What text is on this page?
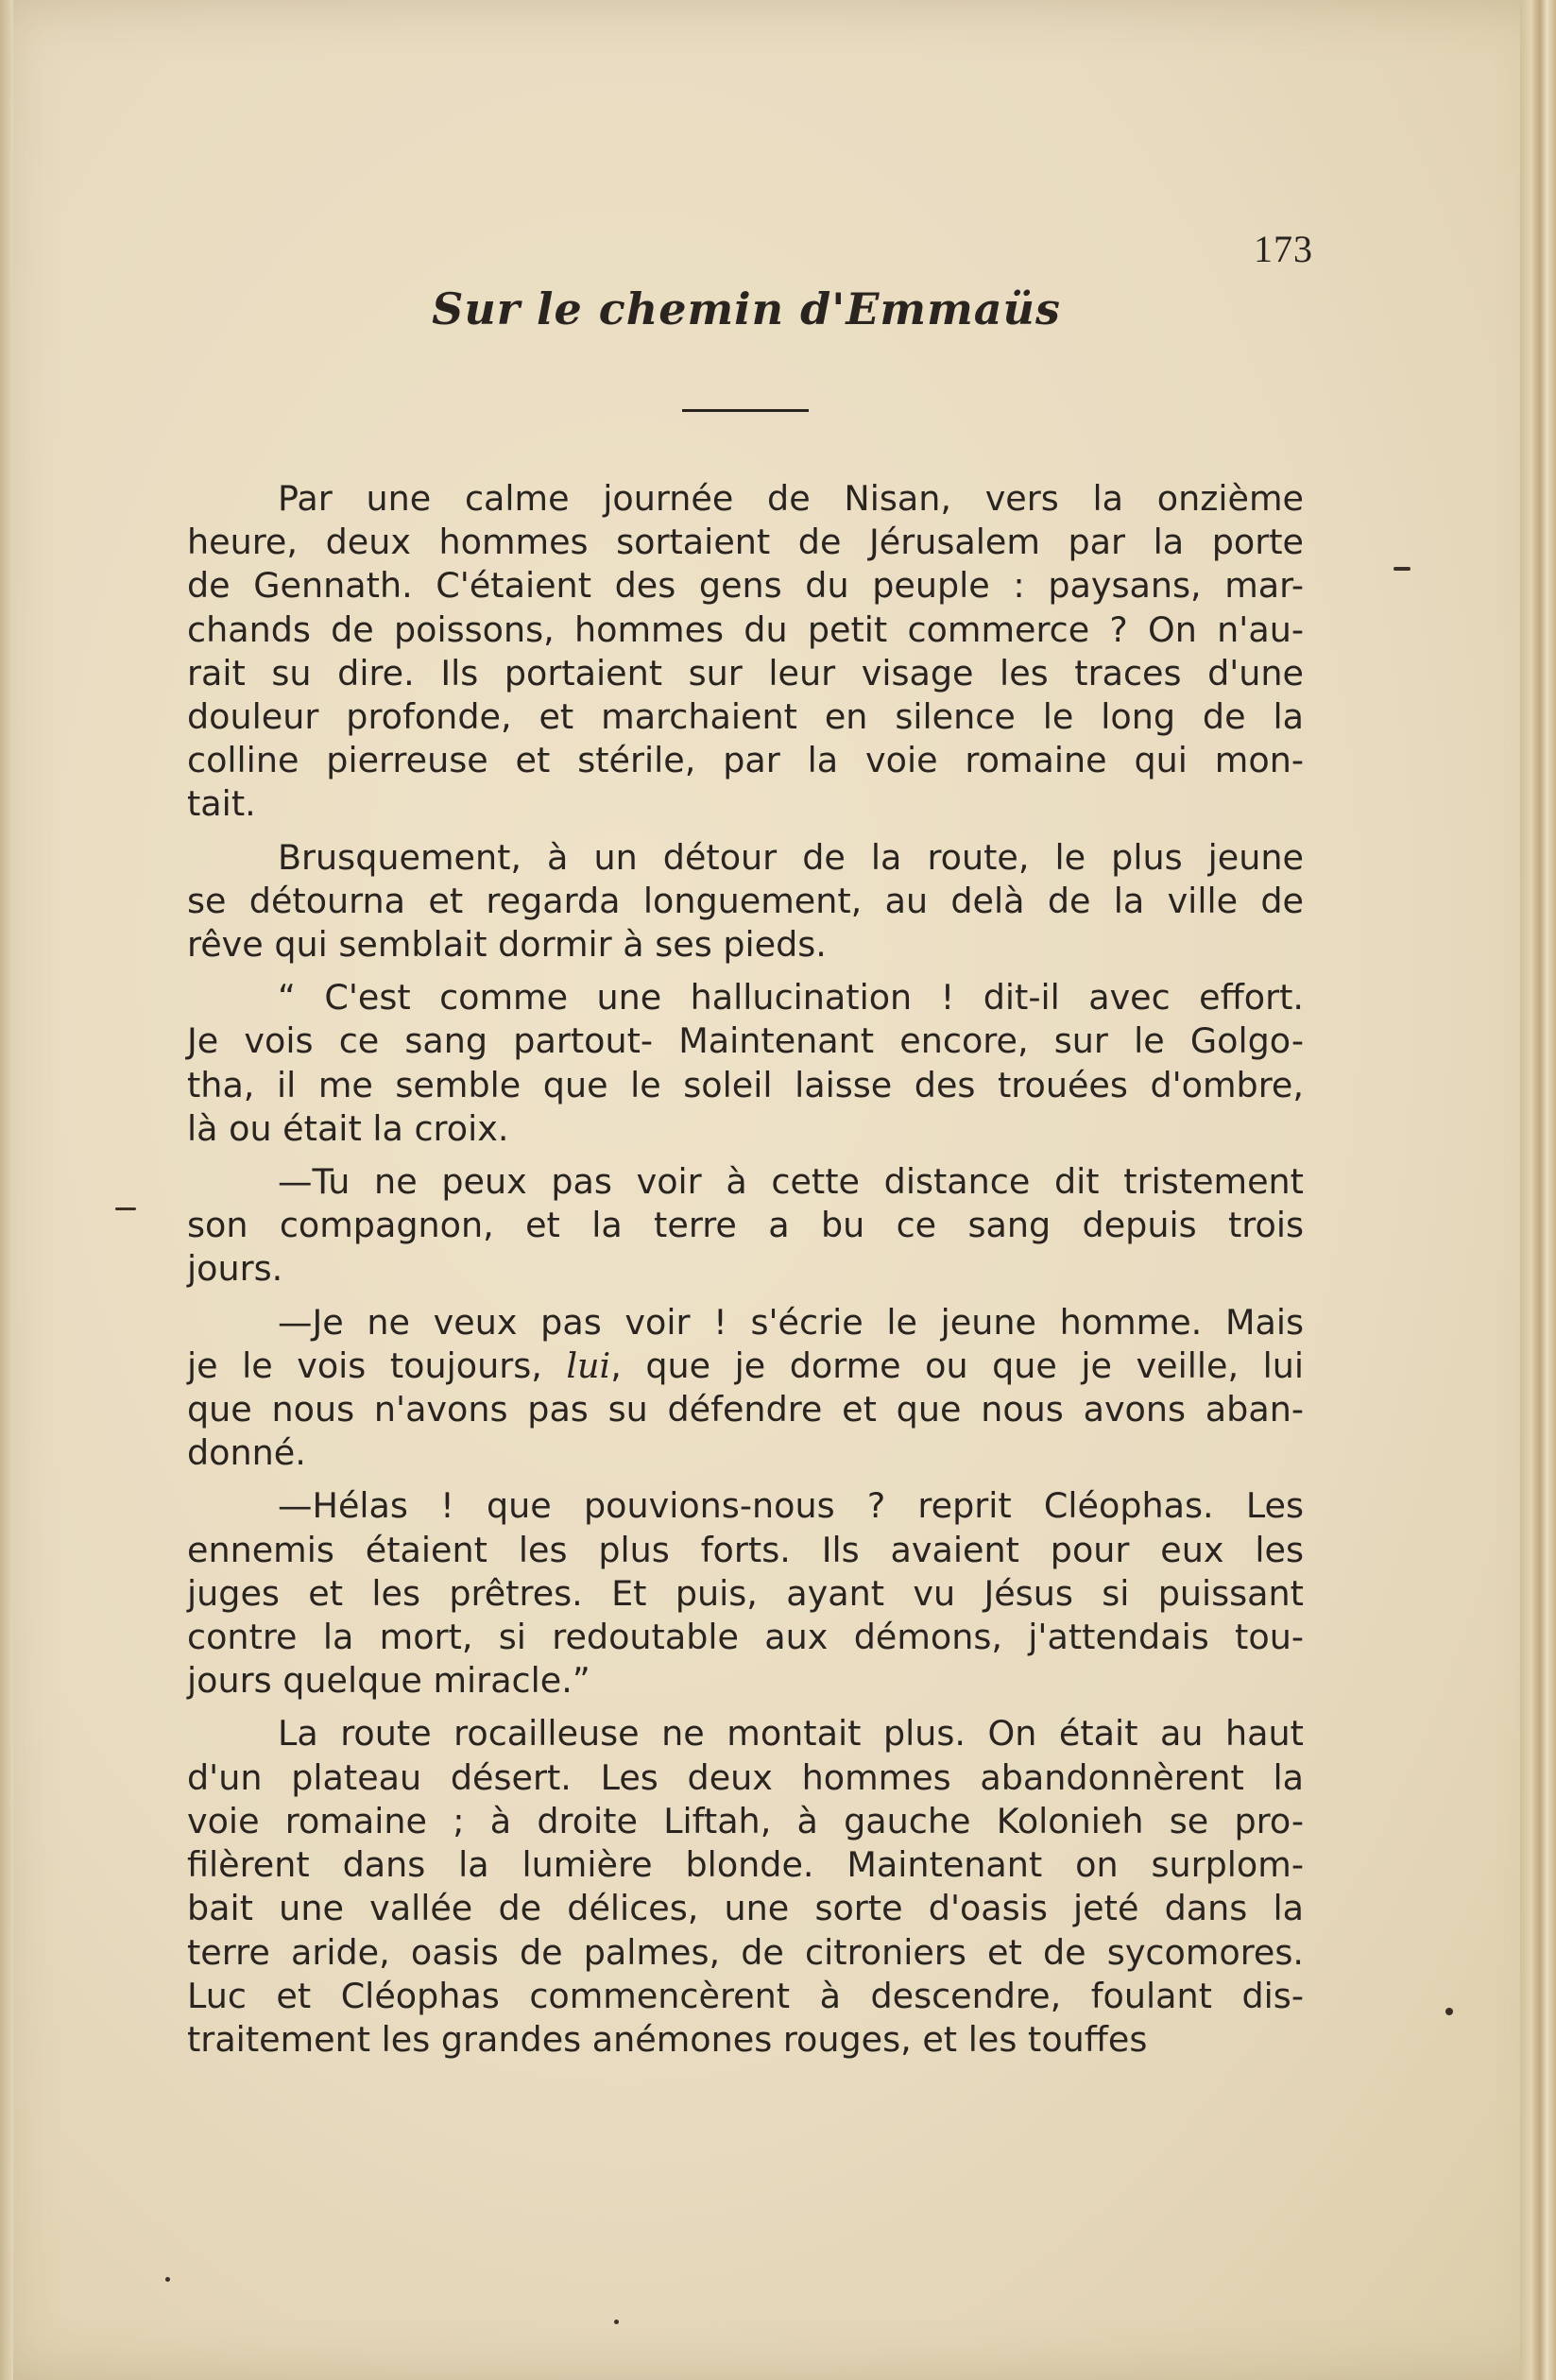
173
Sur le chemin d'Emmaüs
Par une calme journée de Nisan, vers la onzième
heure, deux hommes sortaient de Jérusalem par la porte
de Gennath. C'étaient des gens du peuple : paysans, mar-
chands de poissons, hommes du petit commerce ? On n'au-
rait su dire. Ils portaient sur leur visage les traces d'une
douleur profonde, et marchaient en silence le long de la
colline pierreuse et stérile, par la voie romaine qui mon-
tait.
Brusquement, à un détour de la route, le plus jeune
se détourna et regarda longuement, au delà de la ville de
rêve qui semblait dormir à ses pieds.
“ C'est comme une hallucination ! dit-il avec effort.
Je vois ce sang partout- Maintenant encore, sur le Golgo-
tha, il me semble que le soleil laisse des trouées d'ombre,
là ou était la croix.
—Tu ne peux pas voir à cette distance dit tristement
son compagnon, et la terre a bu ce sang depuis trois
jours.
—Je ne veux pas voir ! s'écrie le jeune homme. Mais
je le vois toujours, lui, que je dorme ou que je veille, lui
que nous n'avons pas su défendre et que nous avons aban-
donné.
—Hélas ! que pouvions-nous ? reprit Cléophas. Les
ennemis étaient les plus forts. Ils avaient pour eux les
juges et les prêtres. Et puis, ayant vu Jésus si puissant
contre la mort, si redoutable aux démons, j'attendais tou-
jours quelque miracle.”
La route rocailleuse ne montait plus. On était au haut
d'un plateau désert. Les deux hommes abandonnèrent la
voie romaine ; à droite Liftah, à gauche Kolonieh se pro-
filèrent dans la lumière blonde. Maintenant on surplom-
bait une vallée de délices, une sorte d'oasis jeté dans la
terre aride, oasis de palmes, de citroniers et de sycomores.
Luc et Cléophas commencèrent à descendre, foulant dis-
traitement les grandes anémones rouges, et les touffes
